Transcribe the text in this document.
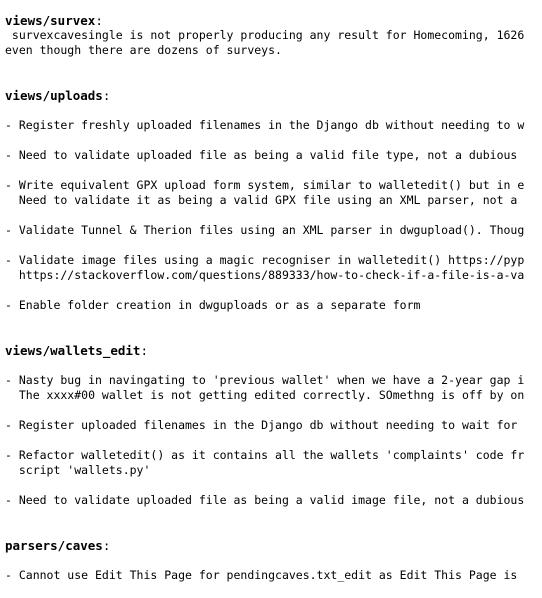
views/survex:
survexcavesingle is not properly producing any result for Homecoming, 1626
even though there are dozens of surveys.
views/uploads:
- Register freshly uploaded filenames in the Django db without needing to w
- Need to validate uploaded file as being a valid file type, not a dubious
- Write equivalent GPX upload form system, similar to walletedit() but in e
Need to validate it as being a valid GPX file using an XML parser, not a
- Validate Tunnel & Therion files using an XML parser in dwgupload(). Thoug
- Validate image files using a magic recogniser in walletedit() https://pyp
https://stackoverflow.com/questions/889333/how-to-check-if-a-file-is-a-va
- Enable folder creation in dwguploads or as a separate form
views/wallets_edit:
- Nasty bug in navingating to 'previous wallet' when we have a 2-year gap i
The xxxx#00 wallet is not getting edited correctly. SOmethng is off by on
- Register uploaded filenames in the Django db without needing to wait for
- Refactor walletedit() as it contains all the wallets 'complaints' code fr
script 'wallets.py'
- Need to validate uploaded file as being a valid image file, not a dubious
parsers/caves:
- Cannot use Edit This Page for pendingcaves.txt_edit as Edit This Page is
